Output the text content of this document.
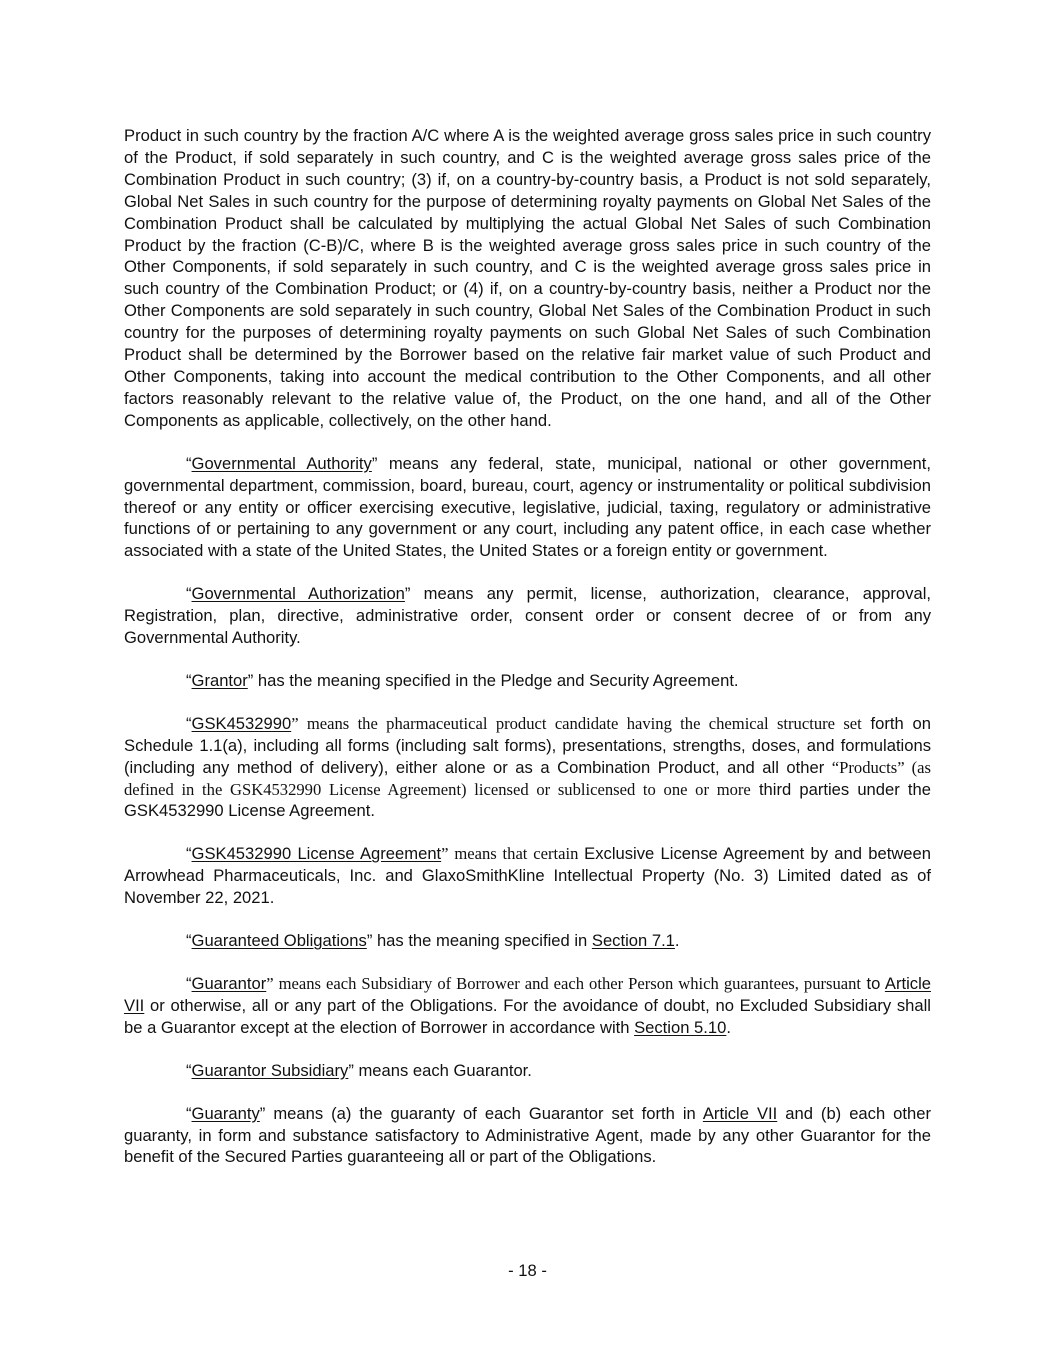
Product in such country by the fraction A/C where A is the weighted average gross sales price in such country of the Product, if sold separately in such country, and C is the weighted average gross sales price of the Combination Product in such country; (3) if, on a country-by-country basis, a Product is not sold separately, Global Net Sales in such country for the purpose of determining royalty payments on Global Net Sales of the Combination Product shall be calculated by multiplying the actual Global Net Sales of such Combination Product by the fraction (C-B)/C, where B is the weighted average gross sales price in such country of the Other Components, if sold separately in such country, and C is the weighted average gross sales price in such country of the Combination Product; or (4) if, on a country-by-country basis, neither a Product nor the Other Components are sold separately in such country, Global Net Sales of the Combination Product in such country for the purposes of determining royalty payments on such Global Net Sales of such Combination Product shall be determined by the Borrower based on the relative fair market value of such Product and Other Components, taking into account the medical contribution to the Other Components, and all other factors reasonably relevant to the relative value of, the Product, on the one hand, and all of the Other Components as applicable, collectively, on the other hand.

“Governmental Authority” means any federal, state, municipal, national or other government, governmental department, commission, board, bureau, court, agency or instrumentality or political subdivision thereof or any entity or officer exercising executive, legislative, judicial, taxing, regulatory or administrative functions of or pertaining to any government or any court, including any patent office, in each case whether associated with a state of the United States, the United States or a foreign entity or government.

“Governmental Authorization” means any permit, license, authorization, clearance, approval, Registration, plan, directive, administrative order, consent order or consent decree of or from any Governmental Authority.

“Grantor” has the meaning specified in the Pledge and Security Agreement.

“GSK4532990” means the pharmaceutical product candidate having the chemical structure set forth on Schedule 1.1(a), including all forms (including salt forms), presentations, strengths, doses, and formulations (including any method of delivery), either alone or as a Combination Product, and all other “Products” (as defined in the GSK4532990 License Agreement) licensed or sublicensed to one or more third parties under the GSK4532990 License Agreement.

“GSK4532990 License Agreement” means that certain Exclusive License Agreement by and between Arrowhead Pharmaceuticals, Inc. and GlaxoSmithKline Intellectual Property (No. 3) Limited dated as of November 22, 2021.

“Guaranteed Obligations” has the meaning specified in Section 7.1.

“Guarantor” means each Subsidiary of Borrower and each other Person which guarantees, pursuant to Article VII or otherwise, all or any part of the Obligations. For the avoidance of doubt, no Excluded Subsidiary shall be a Guarantor except at the election of Borrower in accordance with Section 5.10.

“Guarantor Subsidiary” means each Guarantor.

“Guaranty” means (a) the guaranty of each Guarantor set forth in Article VII and (b) each other guaranty, in form and substance satisfactory to Administrative Agent, made by any other Guarantor for the benefit of the Secured Parties guaranteeing all or part of the Obligations.

- 18 -
